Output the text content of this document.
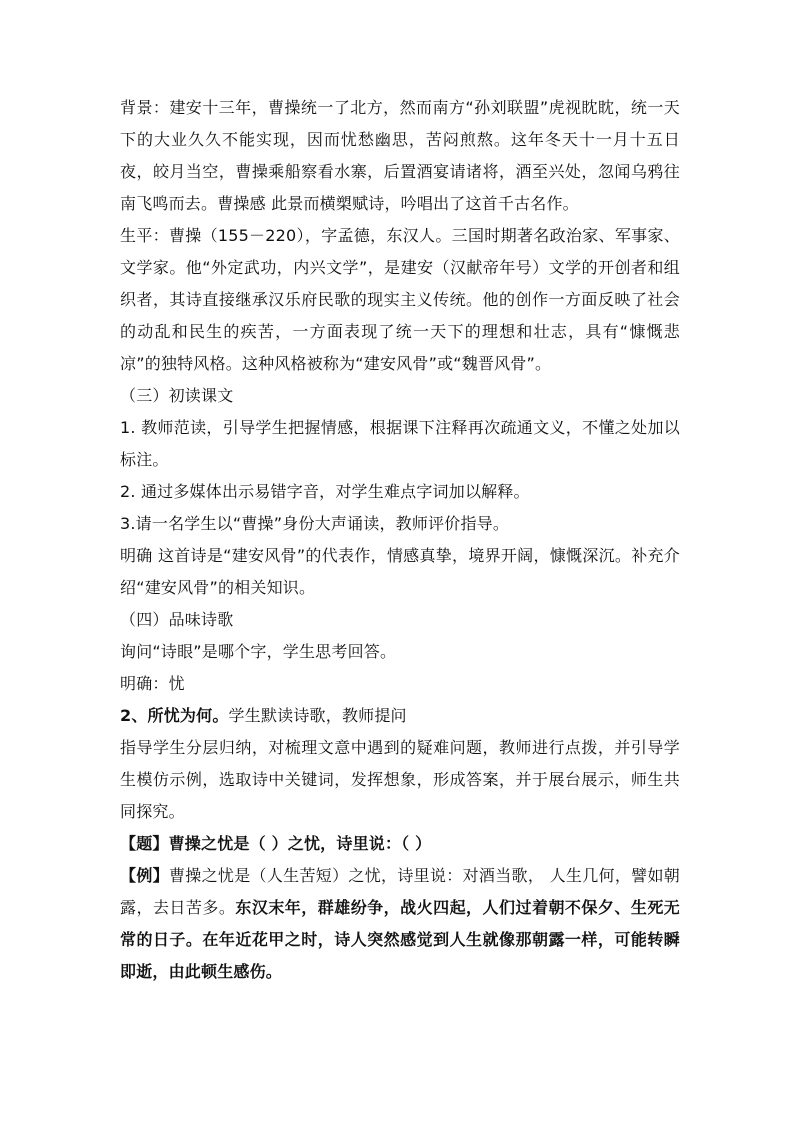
背景：建安十三年，曹操统一了北方，然而南方“孙刘联盟”虎视眈眈，统一天下的大业久久不能实现，因而忧愁幽思，苦闷煎熬。这年冬天十一月十五日夜，皎月当空，曹操乘船察看水寨，后置酒宴请诸将，酒至兴处，忽闻乌鸦往南飞鸣而去。曹操感 此景而横槊赋诗，吟唱出了这首千古名作。

生平：曹操（155－220），字孟德，东汉人。三国时期著名政治家、军事家、文学家。他“外定武功，内兴文学”，是建安（汉献帝年号）文学的开创者和组织者，其诗直接继承汉乐府民歌的现实主义传统。他的创作一方面反映了社会的动乱和民生的疾苦，一方面表现了统一天下的理想和壮志，具有“慷慨悲凉”的独特风格。这种风格被称为“建安风骨”或“魏晋风骨”。

（三）初读课文

1. 教师范读，引导学生把握情感，根据课下注释再次疏通文义，不懂之处加以标注。

2. 通过多媒体出示易错字音，对学生难点字词加以解释。

3.请一名学生以“曹操”身份大声诵读，教师评价指导。

明确 这首诗是“建安风骨”的代表作，情感真挚，境界开阔，慷慨深沉。补充介绍“建安风骨”的相关知识。

（四）品味诗歌

询问“诗眼”是哪个字，学生思考回答。

明确：忧

2、所忧为何。学生默读诗歌，教师提问

指导学生分层归纳，对梳理文意中遇到的疑难问题，教师进行点拨，并引导学生模仿示例，选取诗中关键词，发挥想象，形成答案，并于展台展示，师生共同探究。

【题】曹操之忧是（ ）之忧，诗里说：（ ）

【例】曹操之忧是（人生苦短）之忧，诗里说：对酒当歌， 人生几何，譬如朝露，去日苦多。东汉末年，群雄纷争，战火四起，人们过着朝不保夕、生死无常的日子。在年近花甲之时，诗人突然感觉到人生就像那朝露一样，可能转瞬即逝，由此顿生感伤。
